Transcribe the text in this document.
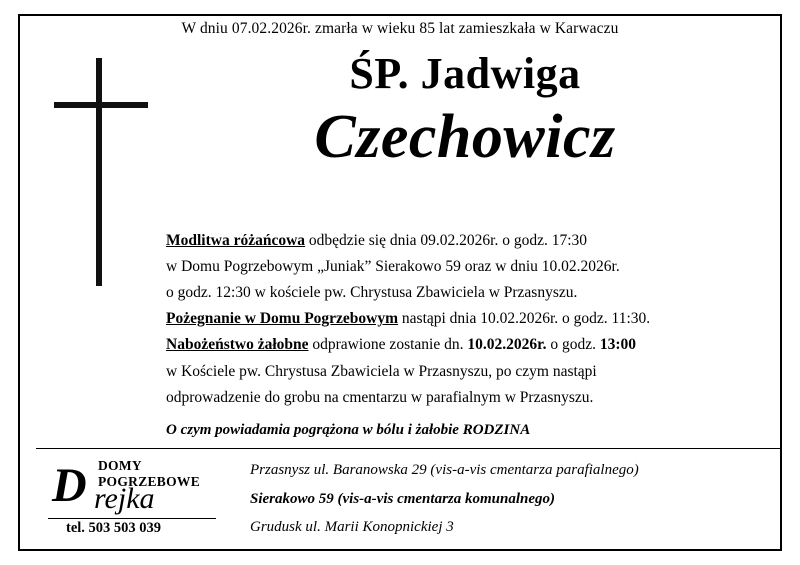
W dniu 07.02.2026r. zmarła w wieku 85 lat zamieszkała w Karwaczu
ŚP. Jadwiga
Czechowicz

Modlitwa różańcowa odbędzie się dnia 09.02.2026r. o godz. 17:30

w Domu Pogrzebowym „Juniak” Sierakowo 59 oraz w dniu 10.02.2026r.

o godz. 12:30 w kościele pw. Chrystusa Zbawiciela w Przasnyszu.

Pożegnanie w Domu Pogrzebowym nastąpi dnia 10.02.2026r. o godz. 11:30.

Nabożeństwo żałobne odprawione zostanie dn. 10.02.2026r. o godz. 13:00

w Kościele pw. Chrystusa Zbawiciela w Przasnyszu, po czym nastąpi

odprowadzenie do grobu na cmentarzu w parafialnym w Przasnyszu.

O czym powiadamia pogrążona w bólu i żałobie RODZINA
DOMY
POGRZEBOWE
D rejka
tel. 503 503 039
Przasnysz ul. Baranowska 29 (vis-a-vis cmentarza parafialnego)
Sierakowo 59 (vis-a-vis cmentarza komunalnego)
Grudusk ul. Marii Konopnickiej 3
